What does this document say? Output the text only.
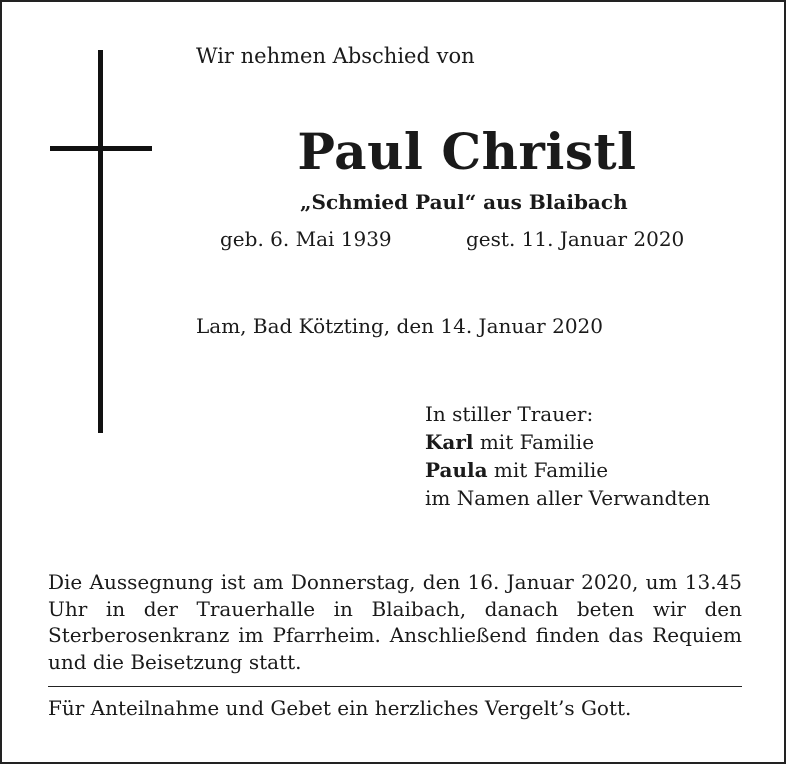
Wir nehmen Abschied von
Paul Christl
„Schmied Paul“ aus Blaibach
geb. 6. Mai 1939	gest. 11. Januar 2020
Lam, Bad Kötzting, den 14. Januar 2020
In stiller Trauer:
Karl mit Familie
Paula mit Familie
im Namen aller Verwandten
Die Aussegnung ist am Donnerstag, den 16. Januar 2020, um 13.45 Uhr in der Trauerhalle in Blaibach, danach beten wir den Sterberosenkranz im Pfarrheim. Anschließend finden das Requiem und die Beisetzung statt.
Für Anteilnahme und Gebet ein herzliches Vergelt’s Gott.
